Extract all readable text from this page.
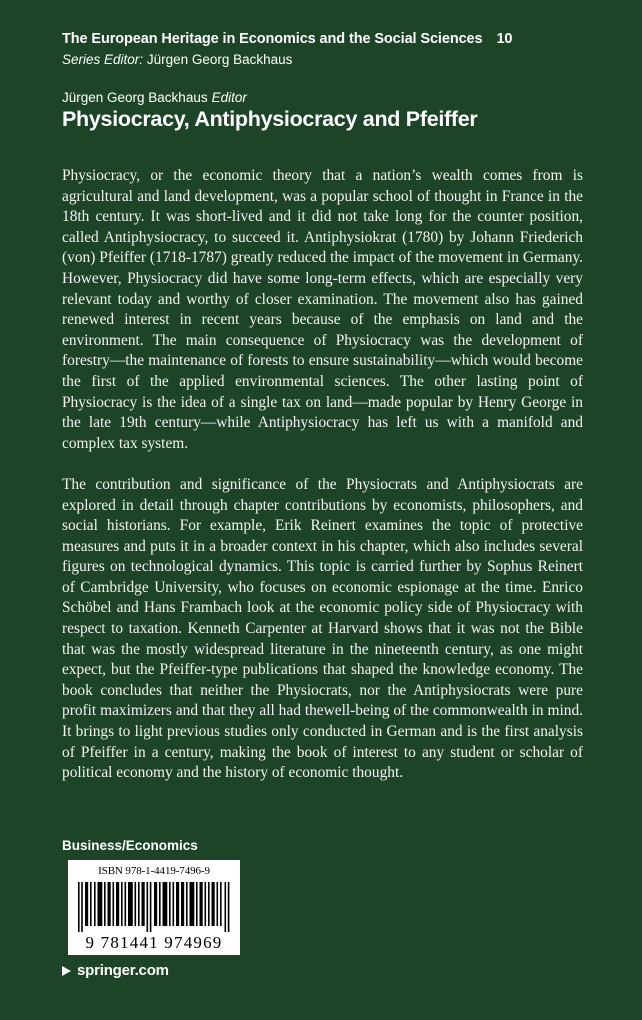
The European Heritage in Economics and the Social Sciences 10
Series Editor: Jürgen Georg Backhaus
Jürgen Georg Backhaus Editor
Physiocracy, Antiphysiocracy and Pfeiffer

Physiocracy, or the economic theory that a nation’s wealth comes from is agricultural and land development, was a popular school of thought in France in the 18th century. It was short-lived and it did not take long for the counter position, called Antiphysiocracy, to succeed it. Antiphysiokrat (1780) by Johann Friederich (von) Pfeiffer (1718-1787) greatly reduced the impact of the movement in Germany. However, Physiocracy did have some long-term effects, which are especially very relevant today and worthy of closer examination. The movement also has gained renewed interest in recent years because of the emphasis on land and the environment. The main consequence of Physiocracy was the development of forestry—the maintenance of forests to ensure sustainability—which would become the first of the applied environmental sciences. The other lasting point of Physiocracy is the idea of a single tax on land—made popular by Henry George in the late 19th century—while Antiphysiocracy has left us with a manifold and complex tax system.

The contribution and significance of the Physiocrats and Antiphysiocrats are explored in detail through chapter contributions by economists, philosophers, and social historians. For example, Erik Reinert examines the topic of protective measures and puts it in a broader context in his chapter, which also includes several figures on technological dynamics. This topic is carried further by Sophus Reinert of Cambridge University, who focuses on economic espionage at the time. Enrico Schöbel and Hans Frambach look at the economic policy side of Physiocracy with respect to taxation. Kenneth Carpenter at Harvard shows that it was not the Bible that was the mostly widespread literature in the nineteenth century, as one might expect, but the Pfeiffer-type publications that shaped the knowledge economy. The book concludes that neither the Physiocrats, nor the Antiphysiocrats were pure profit maximizers and that they all had thewell-being of the commonwealth in mind. It brings to light previous studies only conducted in German and is the first analysis of Pfeiffer in a century, making the book of interest to any student or scholar of political economy and the history of economic thought.

Business/Economics
ISBN 978-1-4419-7496-9
9 781441 974969
springer.com
